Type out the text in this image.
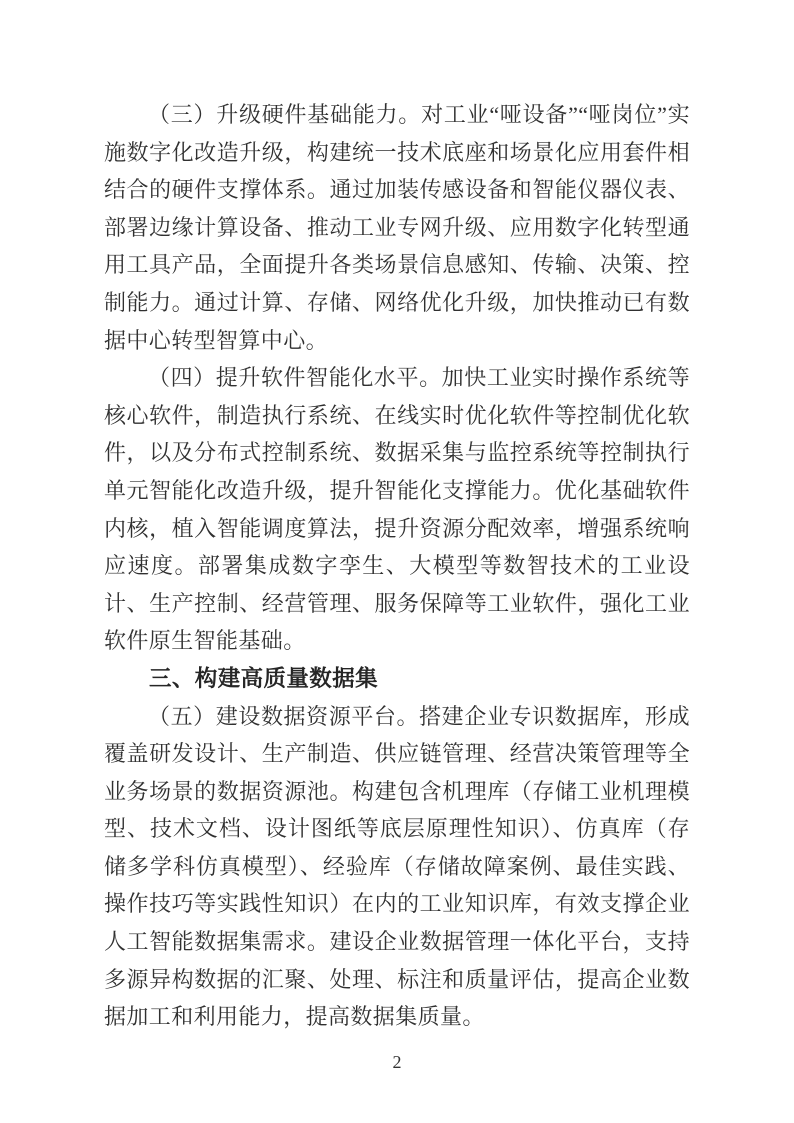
（三）升级硬件基础能力。对工业“哑设备”“哑岗位”实施数字化改造升级，构建统一技术底座和场景化应用套件相结合的硬件支撑体系。通过加装传感设备和智能仪器仪表、部署边缘计算设备、推动工业专网升级、应用数字化转型通用工具产品，全面提升各类场景信息感知、传输、决策、控制能力。通过计算、存储、网络优化升级，加快推动已有数据中心转型智算中心。

（四）提升软件智能化水平。加快工业实时操作系统等核心软件，制造执行系统、在线实时优化软件等控制优化软件，以及分布式控制系统、数据采集与监控系统等控制执行单元智能化改造升级，提升智能化支撑能力。优化基础软件内核，植入智能调度算法，提升资源分配效率，增强系统响应速度。部署集成数字孪生、大模型等数智技术的工业设计、生产控制、经营管理、服务保障等工业软件，强化工业软件原生智能基础。

三、构建高质量数据集

（五）建设数据资源平台。搭建企业专识数据库，形成覆盖研发设计、生产制造、供应链管理、经营决策管理等全业务场景的数据资源池。构建包含机理库（存储工业机理模型、技术文档、设计图纸等底层原理性知识）、仿真库（存储多学科仿真模型）、经验库（存储故障案例、最佳实践、操作技巧等实践性知识）在内的工业知识库，有效支撑企业人工智能数据集需求。建设企业数据管理一体化平台，支持多源异构数据的汇聚、处理、标注和质量评估，提高企业数据加工和利用能力，提高数据集质量。

2
